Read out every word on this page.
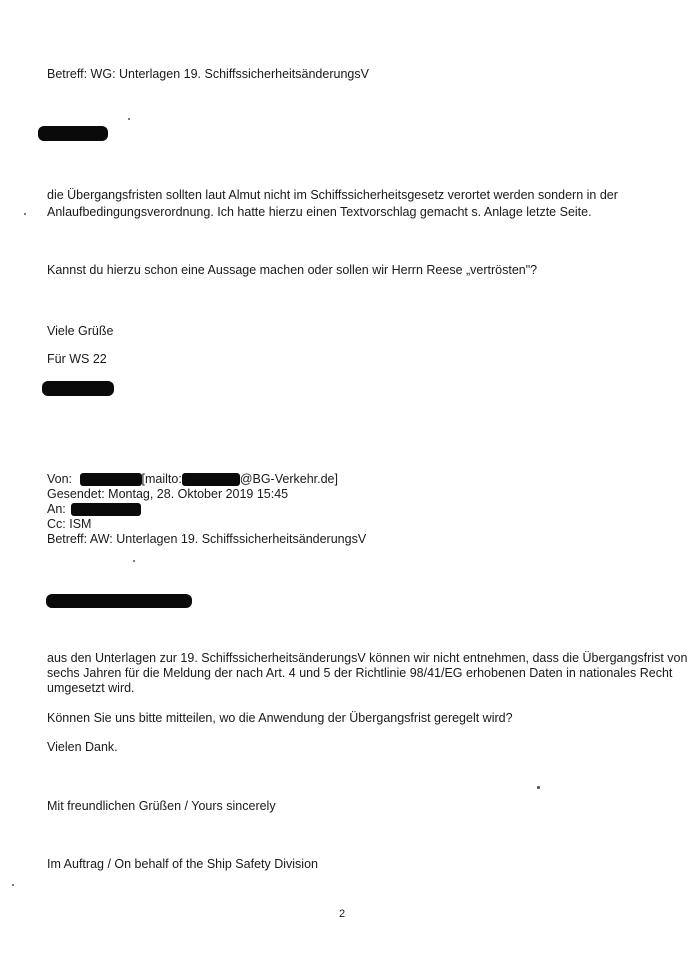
Betreff: WG: Unterlagen 19. SchiffssicherheitsänderungsV
die Übergangsfristen sollten laut Almut nicht im Schiffssicherheitsgesetz verortet werden sondern in der
Anlaufbedingungsverordnung. Ich hatte hierzu einen Textvorschlag gemacht s. Anlage letzte Seite.
Kannst du hierzu schon eine Aussage machen oder sollen wir Herrn Reese „vertrösten"?
Viele Grüße
Für WS 22
Von:	[mailto:	@BG-Verkehr.de]
Gesendet: Montag, 28. Oktober 2019 15:45
An:
Cc: ISM
Betreff: AW: Unterlagen 19. SchiffssicherheitsänderungsV
aus den Unterlagen zur 19. SchiffssicherheitsänderungsV können wir nicht entnehmen, dass die Übergangsfrist von
sechs Jahren für die Meldung der nach Art. 4 und 5 der Richtlinie 98/41/EG erhobenen Daten in nationales Recht
umgesetzt wird.
Können Sie uns bitte mitteilen, wo die Anwendung der Übergangsfrist geregelt wird?
Vielen Dank.
Mit freundlichen Grüßen / Yours sincerely
Im Auftrag / On behalf of the Ship Safety Division
2
